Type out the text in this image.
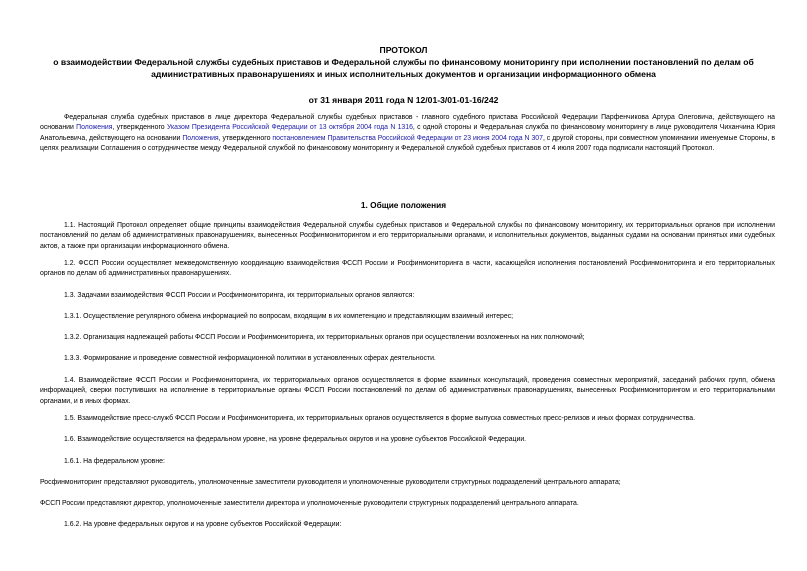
ПРОТОКОЛ
о взаимодействии Федеральной службы судебных приставов и Федеральной службы по финансовому мониторингу при исполнении постановлений по делам об административных правонарушениях и иных исполнительных документов и организации информационного обмена
от 31 января 2011 года N 12/01-3/01-01-16/242
Федеральная служба судебных приставов в лице директора Федеральной службы судебных приставов - главного судебного пристава Российской Федерации Парфенчикова Артура Олеговича, действующего на основании Положения, утвержденного Указом Президента Российской Федерации от 13 октября 2004 года N 1316, с одной стороны и Федеральная служба по финансовому мониторингу в лице руководителя Чиханчина Юрия Анатольевича, действующего на основании Положения, утвержденного постановлением Правительства Российской Федерации от 23 июня 2004 года N 307, с другой стороны, при совместном упоминании именуемые Стороны, в целях реализации Соглашения о сотрудничестве между Федеральной службой по финансовому мониторингу и Федеральной службой судебных приставов от 4 июля 2007 года подписали настоящий Протокол.
1. Общие положения
1.1. Настоящий Протокол определяет общие принципы взаимодействия Федеральной службы судебных приставов и Федеральной службы по финансовому мониторингу, их территориальных органов при исполнении постановлений по делам об административных правонарушениях, вынесенных Росфинмониторингом и его территориальными органами, и исполнительных документов, выданных судами на основании принятых ими судебных актов, а также при организации информационного обмена.
1.2. ФССП России осуществляет межведомственную координацию взаимодействия ФССП России и Росфинмониторинга в части, касающейся исполнения постановлений Росфинмониторинга и его территориальных органов по делам об административных правонарушениях.
1.3. Задачами взаимодействия ФССП России и Росфинмониторинга, их территориальных органов являются:
1.3.1. Осуществление регулярного обмена информацией по вопросам, входящим в их компетенцию и представляющим взаимный интерес;
1.3.2. Организация надлежащей работы ФССП России и Росфинмониторинга, их территориальных органов при осуществлении возложенных на них полномочий;
1.3.3. Формирование и проведение совместной информационной политики в установленных сферах деятельности.
1.4. Взаимодействие ФССП России и Росфинмониторинга, их территориальных органов осуществляется в форме взаимных консультаций, проведения совместных мероприятий, заседаний рабочих групп, обмена информацией, сверки поступивших на исполнение в территориальные органы ФССП России постановлений по делам об административных правонарушениях, вынесенных Росфинмониторингом и его территориальными органами, и в иных формах.
1.5. Взаимодействие пресс-служб ФССП России и Росфинмониторинга, их территориальных органов осуществляется в форме выпуска совместных пресс-релизов и иных формах сотрудничества.
1.6. Взаимодействие осуществляется на федеральном уровне, на уровне федеральных округов и на уровне субъектов Российской Федерации.
1.6.1. На федеральном уровне:
Росфинмониторинг представляют руководитель, уполномоченные заместители руководителя и уполномоченные руководители структурных подразделений центрального аппарата;
ФССП России представляют директор, уполномоченные заместители директора и уполномоченные руководители структурных подразделений центрального аппарата.
1.6.2. На уровне федеральных округов и на уровне субъектов Российской Федерации:
